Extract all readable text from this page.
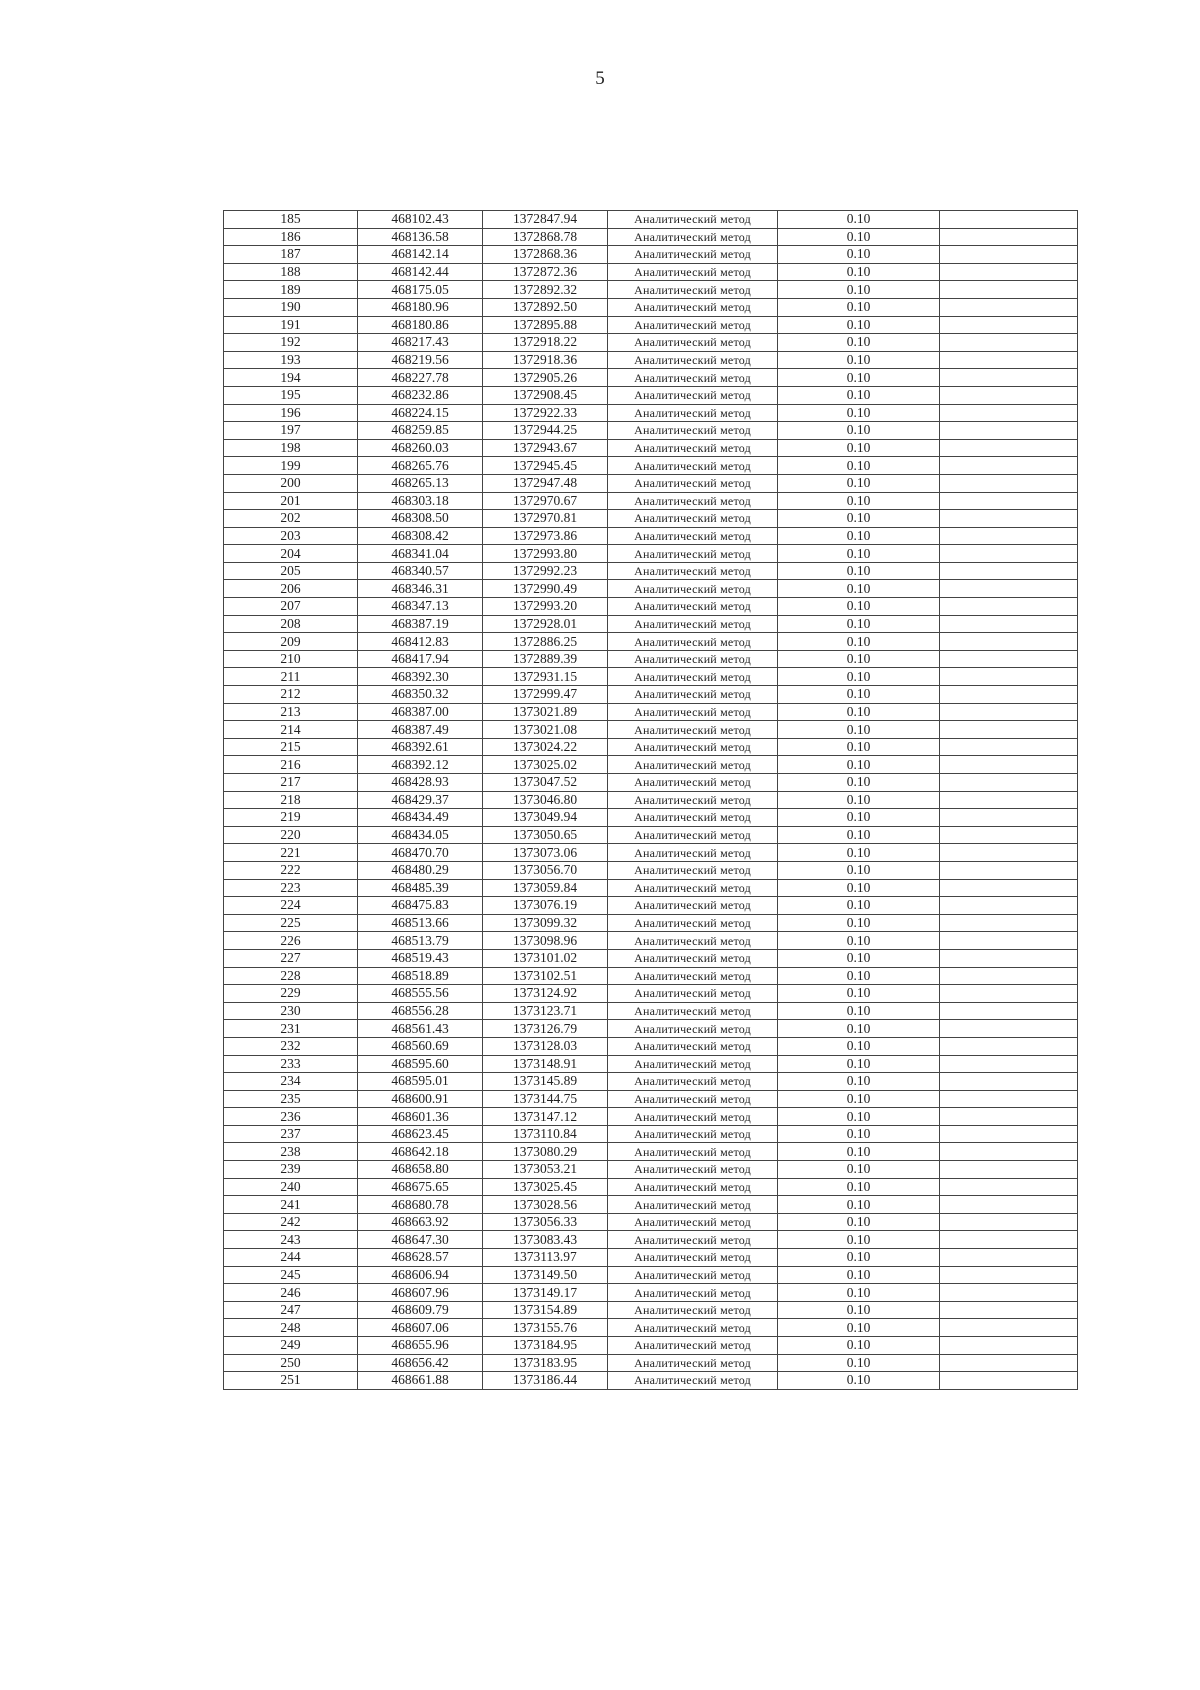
5
185	468102.43	1372847.94	Аналитический метод	0.10	
186	468136.58	1372868.78	Аналитический метод	0.10	
187	468142.14	1372868.36	Аналитический метод	0.10	
188	468142.44	1372872.36	Аналитический метод	0.10	
189	468175.05	1372892.32	Аналитический метод	0.10	
190	468180.96	1372892.50	Аналитический метод	0.10	
191	468180.86	1372895.88	Аналитический метод	0.10	
192	468217.43	1372918.22	Аналитический метод	0.10	
193	468219.56	1372918.36	Аналитический метод	0.10	
194	468227.78	1372905.26	Аналитический метод	0.10	
195	468232.86	1372908.45	Аналитический метод	0.10	
196	468224.15	1372922.33	Аналитический метод	0.10	
197	468259.85	1372944.25	Аналитический метод	0.10	
198	468260.03	1372943.67	Аналитический метод	0.10	
199	468265.76	1372945.45	Аналитический метод	0.10	
200	468265.13	1372947.48	Аналитический метод	0.10	
201	468303.18	1372970.67	Аналитический метод	0.10	
202	468308.50	1372970.81	Аналитический метод	0.10	
203	468308.42	1372973.86	Аналитический метод	0.10	
204	468341.04	1372993.80	Аналитический метод	0.10	
205	468340.57	1372992.23	Аналитический метод	0.10	
206	468346.31	1372990.49	Аналитический метод	0.10	
207	468347.13	1372993.20	Аналитический метод	0.10	
208	468387.19	1372928.01	Аналитический метод	0.10	
209	468412.83	1372886.25	Аналитический метод	0.10	
210	468417.94	1372889.39	Аналитический метод	0.10	
211	468392.30	1372931.15	Аналитический метод	0.10	
212	468350.32	1372999.47	Аналитический метод	0.10	
213	468387.00	1373021.89	Аналитический метод	0.10	
214	468387.49	1373021.08	Аналитический метод	0.10	
215	468392.61	1373024.22	Аналитический метод	0.10	
216	468392.12	1373025.02	Аналитический метод	0.10	
217	468428.93	1373047.52	Аналитический метод	0.10	
218	468429.37	1373046.80	Аналитический метод	0.10	
219	468434.49	1373049.94	Аналитический метод	0.10	
220	468434.05	1373050.65	Аналитический метод	0.10	
221	468470.70	1373073.06	Аналитический метод	0.10	
222	468480.29	1373056.70	Аналитический метод	0.10	
223	468485.39	1373059.84	Аналитический метод	0.10	
224	468475.83	1373076.19	Аналитический метод	0.10	
225	468513.66	1373099.32	Аналитический метод	0.10	
226	468513.79	1373098.96	Аналитический метод	0.10	
227	468519.43	1373101.02	Аналитический метод	0.10	
228	468518.89	1373102.51	Аналитический метод	0.10	
229	468555.56	1373124.92	Аналитический метод	0.10	
230	468556.28	1373123.71	Аналитический метод	0.10	
231	468561.43	1373126.79	Аналитический метод	0.10	
232	468560.69	1373128.03	Аналитический метод	0.10	
233	468595.60	1373148.91	Аналитический метод	0.10	
234	468595.01	1373145.89	Аналитический метод	0.10	
235	468600.91	1373144.75	Аналитический метод	0.10	
236	468601.36	1373147.12	Аналитический метод	0.10	
237	468623.45	1373110.84	Аналитический метод	0.10	
238	468642.18	1373080.29	Аналитический метод	0.10	
239	468658.80	1373053.21	Аналитический метод	0.10	
240	468675.65	1373025.45	Аналитический метод	0.10	
241	468680.78	1373028.56	Аналитический метод	0.10	
242	468663.92	1373056.33	Аналитический метод	0.10	
243	468647.30	1373083.43	Аналитический метод	0.10	
244	468628.57	1373113.97	Аналитический метод	0.10	
245	468606.94	1373149.50	Аналитический метод	0.10	
246	468607.96	1373149.17	Аналитический метод	0.10	
247	468609.79	1373154.89	Аналитический метод	0.10	
248	468607.06	1373155.76	Аналитический метод	0.10	
249	468655.96	1373184.95	Аналитический метод	0.10	
250	468656.42	1373183.95	Аналитический метод	0.10	
251	468661.88	1373186.44	Аналитический метод	0.10	
